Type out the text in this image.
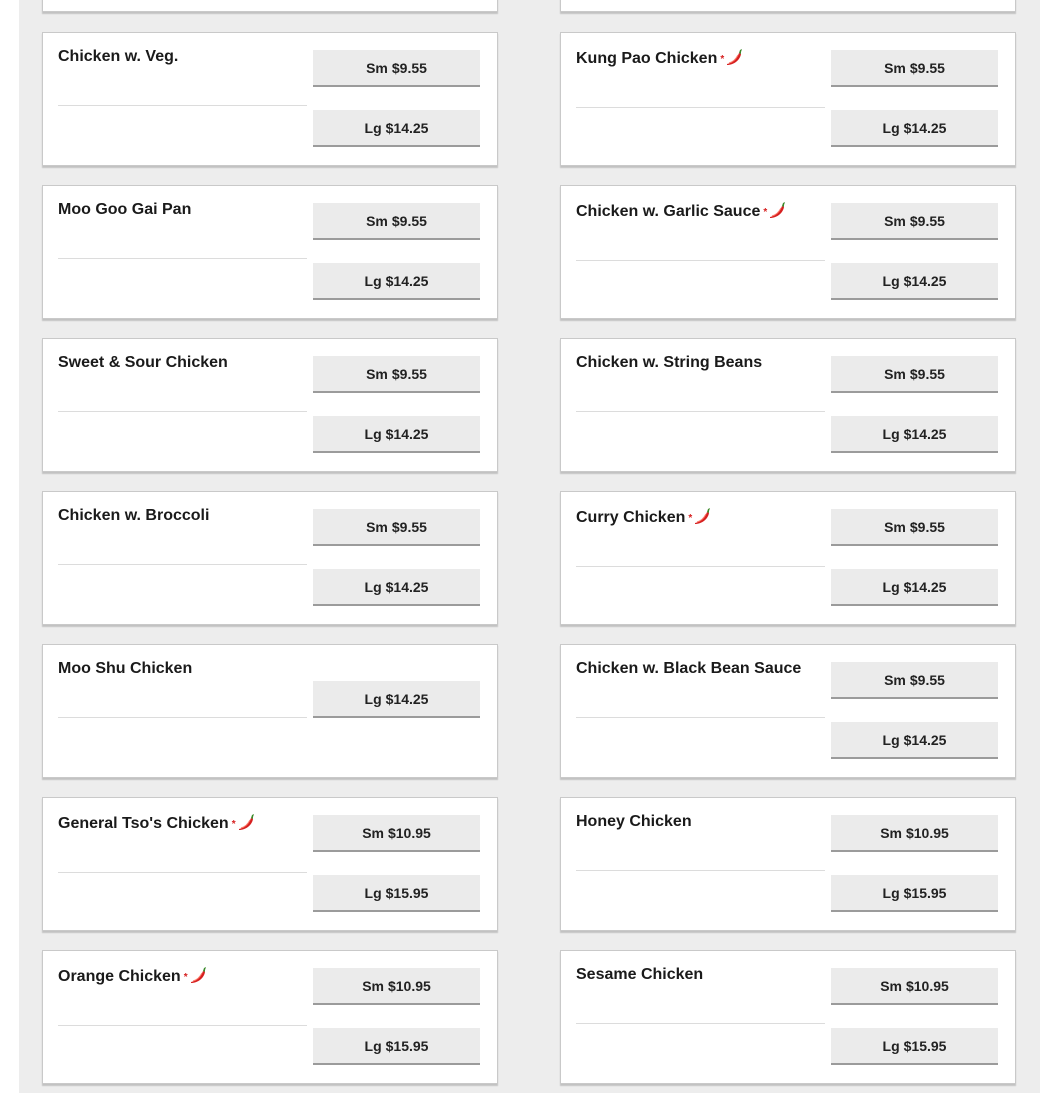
Chicken w. Veg.
Sm $9.55
Lg $14.25
Kung Pao Chicken *	Sm $9.55
Lg $14.25
Moo Goo Gai Pan
Sm $9.55
Lg $14.25
Chicken w. Garlic Sauce *	Sm $9.55
Lg $14.25
Sweet & Sour Chicken
Sm $9.55
Lg $14.25
Chicken w. String Beans
Sm $9.55
Lg $14.25
Chicken w. Broccoli
Sm $9.55
Lg $14.25
Curry Chicken *	Sm $9.55
Lg $14.25
Moo Shu Chicken
Lg $14.25
Chicken w. Black Bean Sauce
Sm $9.55
Lg $14.25
General Tso's Chicken *	Sm $10.95
Lg $15.95
Honey Chicken
Sm $10.95
Lg $15.95
Orange Chicken *	Sm $10.95
Lg $15.95
Sesame Chicken
Sm $10.95
Lg $15.95
